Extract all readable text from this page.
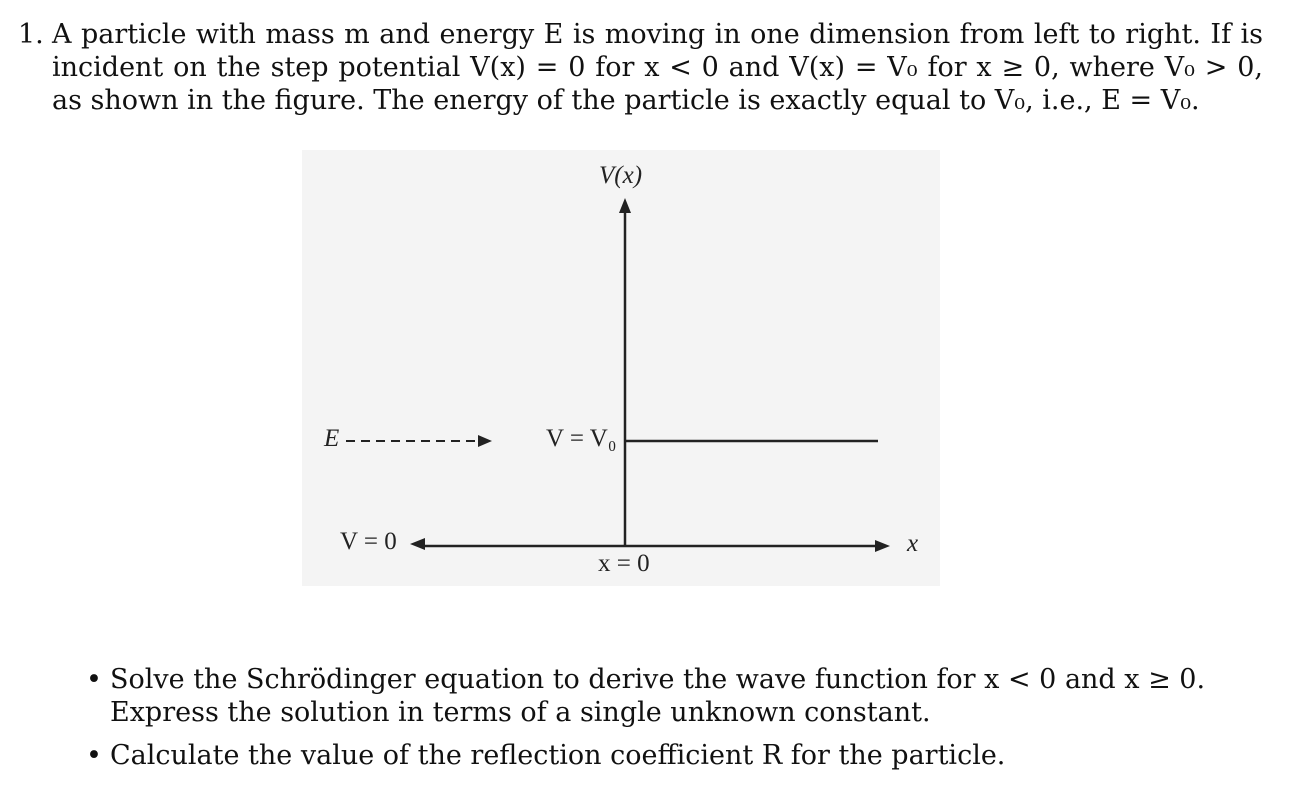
1. A particle with mass m and energy E is moving in one dimension from left to right. If is incident on the step potential V(x) = 0 for x < 0 and V(x) = V₀ for x ≥ 0, where V₀ > 0, as shown in the figure. The energy of the particle is exactly equal to V₀, i.e., E = V₀.
V(x)
E	V = V₀
V = 0	x
x = 0
• Solve the Schrödinger equation to derive the wave function for x < 0 and x ≥ 0. Express the solution in terms of a single unknown constant.
• Calculate the value of the reflection coefficient R for the particle.
